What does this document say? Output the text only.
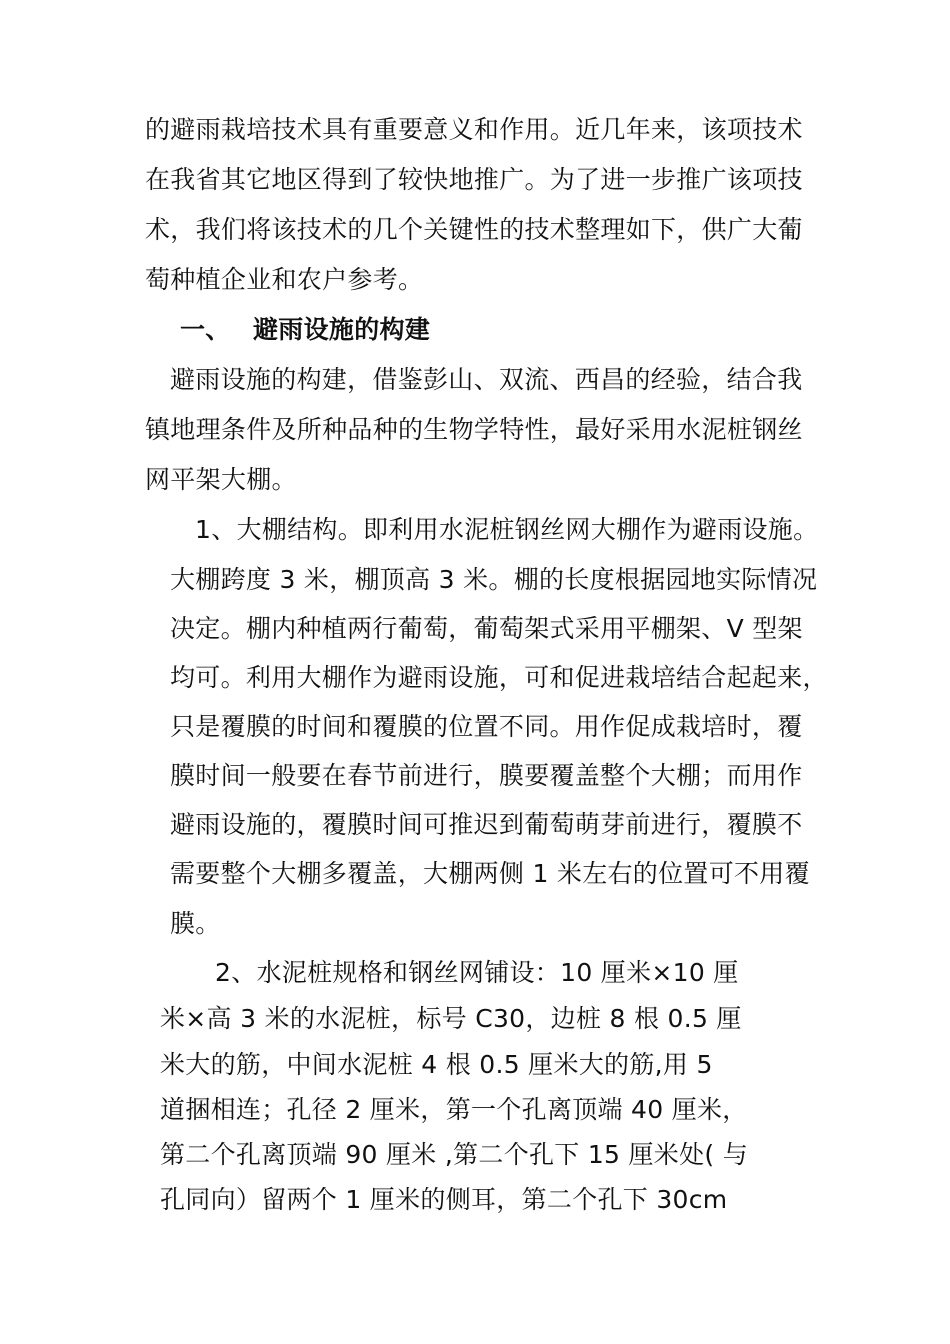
的避雨栽培技术具有重要意义和作用。近几年来，该项技术
在我省其它地区得到了较快地推广。为了进一步推广该项技
术，我们将该技术的几个关键性的技术整理如下，供广大葡
萄种植企业和农户参考。
一、 避雨设施的构建
避雨设施的构建，借鉴彭山、双流、西昌的经验，结合我
镇地理条件及所种品种的生物学特性，最好采用水泥桩钢丝
网平架大棚。
1、大棚结构。即利用水泥桩钢丝网大棚作为避雨设施。
大棚跨度 3 米，棚顶高 3 米。棚的长度根据园地实际情况
决定。棚内种植两行葡萄，葡萄架式采用平棚架、V 型架
均可。利用大棚作为避雨设施，可和促进栽培结合起起来，
只是覆膜的时间和覆膜的位置不同。用作促成栽培时，覆
膜时间一般要在春节前进行，膜要覆盖整个大棚；而用作
避雨设施的，覆膜时间可推迟到葡萄萌芽前进行，覆膜不
需要整个大棚多覆盖，大棚两侧 1 米左右的位置可不用覆
膜。
2、水泥桩规格和钢丝网铺设：10 厘米×10 厘
米×高 3 米的水泥桩，标号 C30，边桩 8 根 0.5 厘
米大的筋，中间水泥桩 4 根 0.5 厘米大的筋,用 5
道捆相连；孔径 2 厘米，第一个孔离顶端 40 厘米，
第二个孔离顶端 90 厘米 ,第二个孔下 15 厘米处( 与
孔同向）留两个 1 厘米的侧耳，第二个孔下 30cm
